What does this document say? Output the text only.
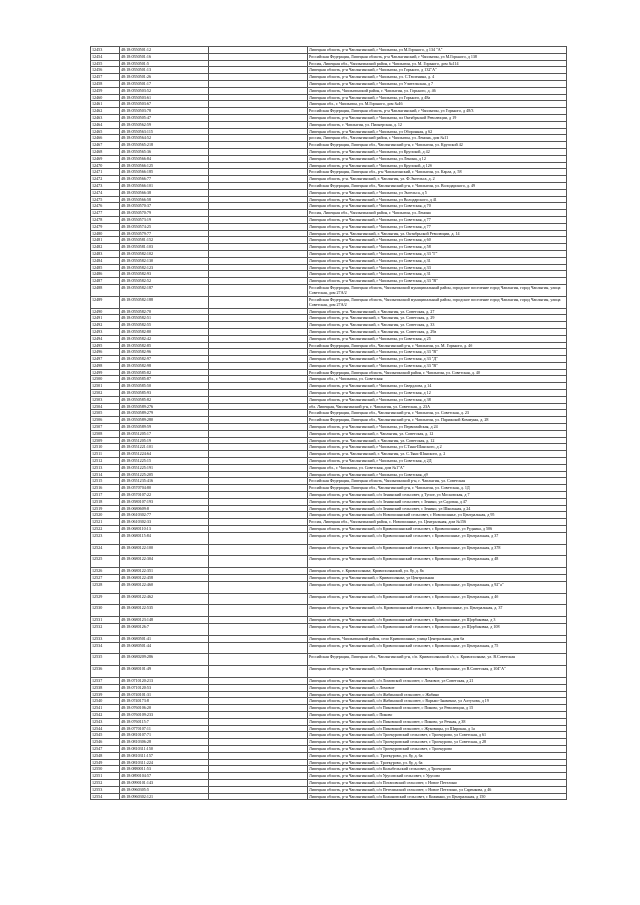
12453	48:18:0550501:12		Липецкая область, р-н Чаплыгинский, г Чаплыгин, ул М.Горького, д 134 "А"
12454	48:18:0550501:16		Российская Федерация, Липецкая область, р-н Чаплыгинский, г Чаплыгин, ул М.Горького, д 138
12455	48:18:0550501:5		Россия, Липецкая обл., Чаплыгинский район, г. Чаплыгин, ул. М. Горького, дом №114
12456	48:18:0550501:13		Липецкая область, р-н Чаплыгинский, г Чаплыгин, ул Горького, д 132"А"
12457	48:18:0550501:26		Липецкая область, р-н Чаплыгинский, г Чаплыгин, ул. С.Тюленина, д. 4
12458	48:18:0550501:17		Липецкая область, р-н Чаплыгинский, г Чаплыгин, ул Учительская, д 7
12459	48:18:0550503:52		Липецкая область, Чаплыгинский район, г. Чаплыгин, ул. Горького, д. 46
12460	48:18:0550503:61		Липецкая область, р-н Чаплыгинский, г Чаплыгин, ул Горького, д 48а
12461	48:18:0550503:67		Липецкая обл., г. Чаплыгин, ул. М.Горького, дом №46
12462	48:18:0550503:78		Российская Федерация, Липецкая область, р-н Чаплыгинский, г Чаплыгин, ул Горького, д 48/3
12463	48:18:0550505:47		Липецкая область, р-н Чаплыгинский, г Чаплыгин, пл Октябрьской Революции, д 19
12464	48:18:0550562:59		Липецкая область, г. Чаплыгин, ул. Пионерская, д. 12
12465	48:18:0550563:115		Липецкая область, р-н Чаплыгинский, г Чаплыгин, ул Оборонная, д 62
12466	48:18:0550564:52		россия, Липецкая обл., Чаплыгинский район, г. Чаплыгин, ул. Ленина, дом №11
12467	48:18:0550565:218		Российская Федерация, Липецкая обл., Чаплыгинский р-н, г. Чаплыгин, ул. Крупской 42
12468	48:18:0550565:36		Липецкая область, р-н Чаплыгинский, г Чаплыгин, ул Крупской, д 42
12469	48:18:0550566:84		Липецкая область, р-н Чаплыгинский, г Чаплыгин, ул Ленина, д 12
12470	48:18:0550566:125		Липецкая область, р-н Чаплыгинский, г Чаплыгин, ул Крупской, д 12б
12471	48:18:0550566:185		Российская Федерация, Липецкая обл., р-н Чаплыгинский, г. Чаплыгин, ул. Карла, д. 58
12472	48:18:0550566:77		Липецкая область, р-н. Чаплыгинский, г. Чаплыгин, ул. Ф.Энгельса, д. 2
12473	48:18:0550566:101		Российская Федерация, Липецкая обл., Чаплыгинский р-н, г. Чаплыгин, ул. Володарского, д. 49
12474	48:18:0550566:38		Липецкая область, р-н Чаплыгинский, г Чаплыгин, ул Энгельса, д 5
12475	48:18:0550566:58		Липецкая область, р-н Чаплыгинский, г Чаплыгин, ул Володарского, д 41
12476	48:18:0550570:37		Липецкая область, р-н Чаплыгинский, г Чаплыгин, ул Советская, д 70
12477	48:18:0550570:79		Россия, Липецкая обл., Чаплыгинский район, г. Чаплыгин, ул. Ленина
12478	48:18:0550573:19		Липецкая область, р-н Чаплыгинский, г Чаплыгин, ул Советская, д 77
12479	48:18:0550574:25		Липецкая область, р-н Чаплыгинский, г Чаплыгин, ул Советская, д 77
12480	48:18:0550579:77		Липецкая область, р-н. Чаплыгинский, г. Чаплыгин, ул. Октябрьской Революции, д. 14
12481	48:18:0550581:152		Липецкая область, р-н Чаплыгинский, г Чаплыгин, ул Советская, д 60
12482	48:18:0550581:103		Липецкая область, р-н Чаплыгинский, г Чаплыгин, ул Советская, д 58
12483	48:18:0550582:102		Липецкая область, р-н Чаплыгинский, г Чаплыгин, ул Советская, д 33 "Г"
12484	48:18:0550582:130		Липецкая область, р-н Чаплыгинский, г Чаплыгин, ул Советская, д 31
12485	48:18:0550582:123		Липецкая область, р-н Чаплыгинский, г Чаплыгин, ул Советская, д 33
12486	48:18:0550582:93		Липецкая область, р-н Чаплыгинский, г Чаплыгин, ул Советская, д 31
12487	48:18:0550582:52		Липецкая область, р-н Чаплыгинский, г Чаплыгин, ул Советская, д 33 "В"
12488	48:18:0550582:187		Российская Федерация, Липецкая область, Чаплыгинский муниципальный район, городское поселение город Чаплыгин, город Чаплыгин, улица Советская, дом 27А/2
12489	48:18:0550582:188		Российская Федерация, Липецкая область, Чаплыгинский муниципальный район, городское поселение город Чаплыгин, город Чаплыгин, улица Советская, дом 27А/2
12490	48:18:0550582:70		Липецкая область, р-н. Чаплыгинский, г. Чаплыгин, ул. Советская, д. 27
12491	48:18:0550582:51		Липецкая область, р-н. Чаплыгинский, г. Чаплыгин, ул. Советская, д. 29
12492	48:18:0550582:55		Липецкая область, р-н. Чаплыгинский, г. Чаплыгин, ул. Советская, д. 33
12493	48:18:0550582:80		Липецкая область, р-н. Чаплыгинский, г. Чаплыгин, ул. Советская, д. 29а
12494	48:18:0550582:42		Липецкая область, р-н Чаплыгинский, г Чаплыгин, ул Советская, д 25
12495	48:18:0550582:85		Российская Федерация, Липецкая обл., Чаплыгинский р-н, г. Чаплыгин, ул. М. Горького, д. 4б
12496	48:18:0550582:96		Липецкая область, р-н Чаплыгинский, г Чаплыгин, ул Советская, д 33 "В"
12497	48:18:0550582:97		Липецкая область, р-н Чаплыгинский, г Чаплыгин, ул Советская, д 33 "Д"
12498	48:18:0550582:98		Липецкая область, р-н Чаплыгинский, г Чаплыгин, ул Советская, д 33 "В"
12499	48:18:0550585:82		Российская Федерация, Липецкая область, Чаплыгинский район, г. Чаплыгин, ул. Советская, д. 40
12500	48:18:0550585:87		Липецкая обл., г. Чаплыгин, ул. Советская
12501	48:18:0550585:50		Липецкая область, р-н Чаплыгинский, г Чаплыгин, ул Свердлова, д 14
12502	48:18:0550585:93		Липецкая область, р-н Чаплыгинский, г Чаплыгин, ул Советская, д 12
12503	48:18:0550585:82		Липецкая область, р-н Чаплыгинский, г Чаплыгин, ул Советская, д 38
12504	48:18:0550589:276		обл. Липецкая, Чаплыгинский р-н, г. Чаплыгин, ул. Советская, д. 23А
12505	48:18:0550589:279		Российская Федерация, Липецкая обл., Чаплыгинский р-н, г. Чаплыгин, ул. Советская, д. 23
12506	48:18:0550589:280		Российская Федерация, Липецкая обл., Чаплыгинский р-н, г. Чаплыгин, ул. Парижской Коммуны, д. 28
12507	48:18:0550589:59		Липецкая область, р-н Чаплыгинский, г Чаплыгин, ул Первомайская, д 24
12508	48:18:0551205:17		Липецкая область, р-н Чаплыгинский, г. Чаплыгин, ул. Советская, д. 12
12509	48:18:0551205:19		Липецкая область, р-н. Чаплыгинский, г. Чаплыгин, ул. Советская, д. 12
12510	48:18:0551221:101		Липецкая область, р-н Чаплыгинский, г Чаплыгин, ул С.Тяна-Шанского, д 2
12511	48:18:0551224:64		Липецкая область, р-н. Чаплыгинский, г. Чаплыгин, ул. С.Тянь-Шанского, д. 2
12512	48:18:0551225:15		Липецкая область, р-н Чаплыгинский, г Чаплыгин, ул Советская, д 2Д
12513	48:18:0551225:191		Липецкая обл., г. Чаплыгин, ул. Советская, дом №1"А"
12514	48:18:0551225:205		Липецкая область, р-н Чаплыгинский, г Чаплыгин, ул Советская, д9
12515	48:18:0551235:416		Российская Федерация, Липецкая область, Чаплыгинский р-н, г. Чаплыгин, ул. Советская
12516	48:18:0570704:80		Российская Федерация, Липецкая обл., Чаплыгинский р-н, г. Чаплыгин, ул. Советская, д. 1Д
12517	48:18:0570107:22		Липецкая область, р-н Чаплыгинский, с/п Зенинский сельсовет, д Тупое, ул Московская, д 7
12518	48:18:0580107:193		Липецкая область, р-н Чаплыгинский, с/п Зенинский сельсовет, с Зенино, ул Садовая, д 47
12519	48:18:0680609:8		Липецкая область, р-н Чаплыгинский, с/п Зенинский сельсовет, с Зенино, ул Школьная, д 24
12520	48:18:0610302:77		Липецкая область, р-н Чаплыгинский, с/п Новополянский сельсовет, с Новополянье, ул Центральная, д 95
12521	48:18:0610302:33		Россия, Липецкая обл., Чаплыгинский район, с. Новополянье, ул. Центральная, дом №156
12522	48:18:0680110:13		Липецкая область, р-н Чаплыгинский, с/п Кривополянский сельсовет, с Кривополянье, ул Рудника, д 506
12523	48:18:0680115:84		Липецкая область, р-н Чаплыгинский, с/п Кривополянский сельсовет, с Кривополянье, ул Центральная, д 37
12524	48:18:0680122:100		Липецкая область, р-н Чаплыгинский, с/п Кривополянский сельсовет, с Кривополянье, ул Центральная, д 378
12525	48:18:0680122:304		Липецкая область, р-н Чаплыгинский, с/п Кривополянский сельсовет, с Кривополянье, ул Центральная, д 48
12526	48:18:0680122:351		Липецкая область, г. Кривополянье, Кривополянский, ул. 8у, д. 8а
12527	48:18:0680122:458		Липецкая область, р-н Чаплыгинский, с Кривополянье, ул Центральная
12528	48:18:0680122:460		Липецкая область, р-н Чаплыгинский, с/п Кривополянский сельсовет, с Кривополянье, ул Центральная, д 92"а"
12529	48:18:0680122:462		Липецкая область, р-н Чаплыгинский, с/п Кривополянский сельсовет, с Кривополянье, ул Центральная, д 4б
12530	48:18:0680122:535		Липецкая область, р-н Чаплыгинский, с/п. Кривополянский сельсовет, с. Кривополянье, ул. Центральная, д. 37
12531	48:18:0680123:148		Липецкая область, р-н Чаплыгинский, с/п Кривополянский сельсовет, с Кривополянье, ул Щорбаковка, д 3
12532	48:18:0680126:7		Липецкая область, р-н Чаплыгинский, с/п Кривополянский сельсовет, с Кривополянье, ул Щорбаковка, д 108
12533	48:18:0680501:41		Липецкая область, Чаплыгинский район, село Кривополянье, улица Центральная, дом 6а
12534	48:18:0680501:44		Липецкая область, р-н Чаплыгинский, с/п Кривополянский сельсовет, с Кривополянье, ул Центральная, д 75
12535	48:18:0680209:286		Российская Федерация, Липецкая обл., Чаплыгинский р-н, с/п. Кривополянский с/с, с. Кривополянье, ул. В.Советская
12536	48:18:0680101:49		Липецкая область, р-н Чаплыгинский, с/п Кривополянский сельсовет, с Кривополянье, ул В.Советская, д 104"А"
12537	48:18:0710120:213		Липецкая область, р-н Чаплыгинский, с/п Ломовской сельсовет, с Ломовое, ул Советская, д 21
12538	48:18:0710120:53		Липецкая область, р-н Чаплыгинский, с Ломовое
12539	48:18:0740101:31		Липецкая область, р-н Чаплыгинский, с/п Жабинский сельсовет, с Жабино
12540	48:18:0740173:8		Липецкая область, р-н Чаплыгинский, с/п Жабинский сельсовет, с Варьмо-Знаменье, ул Алтухова, д 19
12541	48:18:0760106:20		Липецкая область, р-н Чаплыгинский, с/п Пиковский сельсовет, с Пиково, ул Революции, д 15
12542	48:18:0760109:233		Липецкая область, р-н Чаплыгинский, с Пиково
12543	48:18:0760115:7		Липецкая область, р-н Чаплыгинский, с/п Пиковский сельсовет, с Пиково, ул Речная, д 38
12544	48:18:0770107:11		Липецкая область, р-н Чаплыгинский, с/п Пиковский сельсовет, с Жуковицы, ул Широкая, д 1а
12545	48:18:0810107:71		Липецкая область, р-н Чаплыгинский, с/п Троекуровский сельсовет, с Троекурово, ул Советская, д 61
12546	48:18:0810306:28		Липецкая область, р-н Чаплыгинский, с/п Троекуровский сельсовет, с Троекурово, ул Советская, д 28
12547	48:18:0810311:150		Липецкая область, р-н Чаплыгинский, с/п Троекуровский сельсовет, с Троекурово
12548	48:18:0810311:157		Липецкая область, р-н Чаплыгинский, с. Троекурово, ул. 8у, д. 6а
12549	48:18:0810311:224		Липецкая область, р-н Чаплыгинский, с. Троекурово, ул. 8у, д. 6а
12550	48:18:0880011:53		Липецкая область, р-н Чаплыгинский, с/п Колыбельский сельсовет, д Троекурово
12551	48:18:0890104:57		Липецкая область, р-н Чаплыгинский, с/п Урусовский сельсовет, с Урусово
12552	48:18:0990101:143		Липецкая область, р-н Чаплыгинский, с/п Потаповский сельсовет, с Новое Петелино
12553	48:18:0960305:5		Липецкая область, р-н Чаплыгинский, с/п Петелинский сельсовет, с Новое Петелино, ул Саренкова, д 46
12554	48:18:0960302:121		Липецкая область, р-н Чаплыгинский, с/п Кожановский сельсовет, с Кожинки, ул Центральная, д 150
